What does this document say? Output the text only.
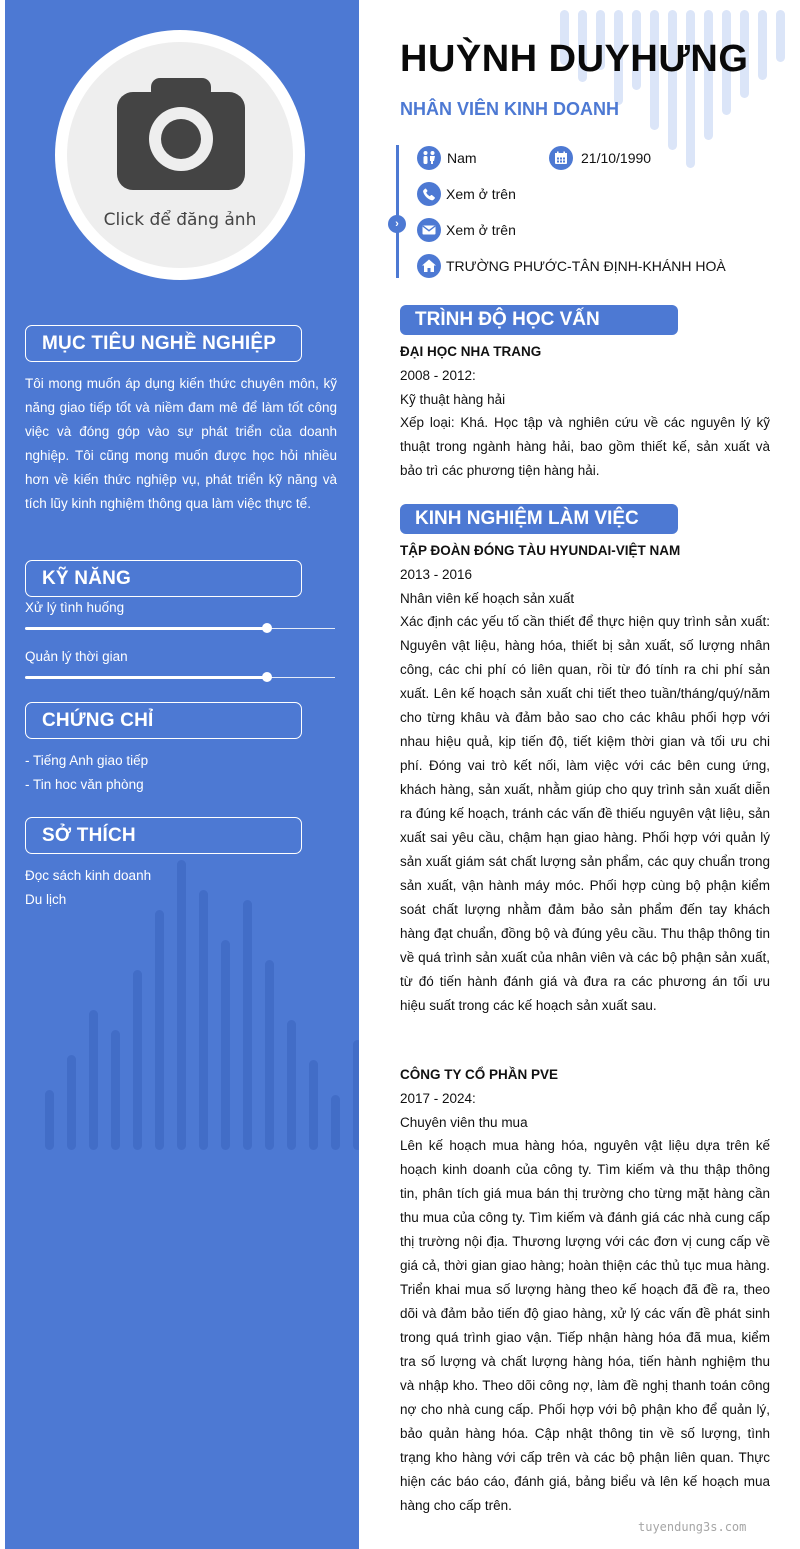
Click để đăng ảnh
MỤC TIÊU NGHỀ NGHIỆP
Tôi mong muốn áp dụng kiến thức chuyên môn, kỹ năng giao tiếp tốt và niềm đam mê để làm tốt công việc và đóng góp vào sự phát triển của doanh nghiệp. Tôi cũng mong muốn được học hỏi nhiều hơn về kiến thức nghiệp vụ, phát triển kỹ năng và tích lũy kinh nghiệm thông qua làm việc thực tế.
KỸ NĂNG
Xử lý tình huống
Quản lý thời gian
CHỨNG CHỈ
- Tiếng Anh giao tiếp
- Tin hoc văn phòng
SỞ THÍCH
Đọc sách kinh doanh
Du lịch
HUỲNH DUYHƯNG
NHÂN VIÊN KINH DOANH
›
Nam	21/10/1990
Xem ở trên
Xem ở trên
TRƯỜNG PHƯỚC-TÂN ĐỊNH-KHÁNH HOÀ
TRÌNH ĐỘ HỌC VẤN
ĐẠI HỌC NHA TRANG
2008 - 2012:
Kỹ thuật hàng hải
Xếp loại: Khá. Học tập và nghiên cứu về các nguyên lý kỹ thuật trong ngành hàng hải, bao gồm thiết kế, sản xuất và bảo trì các phương tiện hàng hải.
KINH NGHIỆM LÀM VIỆC
TẬP ĐOÀN ĐÓNG TÀU HYUNDAI-VIỆT NAM
2013 - 2016
Nhân viên kế hoạch sản xuất
Xác định các yếu tố cần thiết để thực hiện quy trình sản xuất: Nguyên vật liệu, hàng hóa, thiết bị sản xuất, số lượng nhân công, các chi phí có liên quan, rồi từ đó tính ra chi phí sản xuất. Lên kế hoạch sản xuất chi tiết theo tuần/tháng/quý/năm cho từng khâu và đảm bảo sao cho các khâu phối hợp với nhau hiệu quả, kịp tiến độ, tiết kiệm thời gian và tối ưu chi phí. Đóng vai trò kết nối, làm việc với các bên cung ứng, khách hàng, sản xuất, nhằm giúp cho quy trình sản xuất diễn ra đúng kế hoạch, tránh các vấn đề thiếu nguyên vật liệu, sản xuất sai yêu cầu, chậm hạn giao hàng. Phối hợp với quản lý sản xuất giám sát chất lượng sản phẩm, các quy chuẩn trong sản xuất, vận hành máy móc. Phối hợp cùng bộ phận kiểm soát chất lượng nhằm đảm bảo sản phẩm đến tay khách hàng đạt chuẩn, đồng bộ và đúng yêu cầu. Thu thập thông tin về quá trình sản xuất của nhân viên và các bộ phận sản xuất, từ đó tiến hành đánh giá và đưa ra các phương án tối ưu hiệu suất trong các kế hoạch sản xuất sau.
CÔNG TY CỔ PHẦN PVE
2017 - 2024:
Chuyên viên thu mua
Lên kế hoạch mua hàng hóa, nguyên vật liệu dựa trên kế hoạch kinh doanh của công ty. Tìm kiếm và thu thập thông tin, phân tích giá mua bán thị trường cho từng mặt hàng cần thu mua của công ty. Tìm kiếm và đánh giá các nhà cung cấp thị trường nội địa. Thương lượng với các đơn vị cung cấp về giá cả, thời gian giao hàng; hoàn thiện các thủ tục mua hàng. Triển khai mua số lượng hàng theo kế hoạch đã đề ra, theo dõi và đảm bảo tiến độ giao hàng, xử lý các vấn đề phát sinh trong quá trình giao vận. Tiếp nhận hàng hóa đã mua, kiểm tra số lượng và chất lượng hàng hóa, tiến hành nghiệm thu và nhập kho. Theo dõi công nợ, làm đề nghị thanh toán công nợ cho nhà cung cấp. Phối hợp với bộ phận kho để quản lý, bảo quản hàng hóa. Cập nhật thông tin về số lượng, tình trạng kho hàng với cấp trên và các bộ phận liên quan. Thực hiện các báo cáo, đánh giá, bảng biểu và lên kế hoạch mua hàng cho cấp trên.
tuyendung3s.com
